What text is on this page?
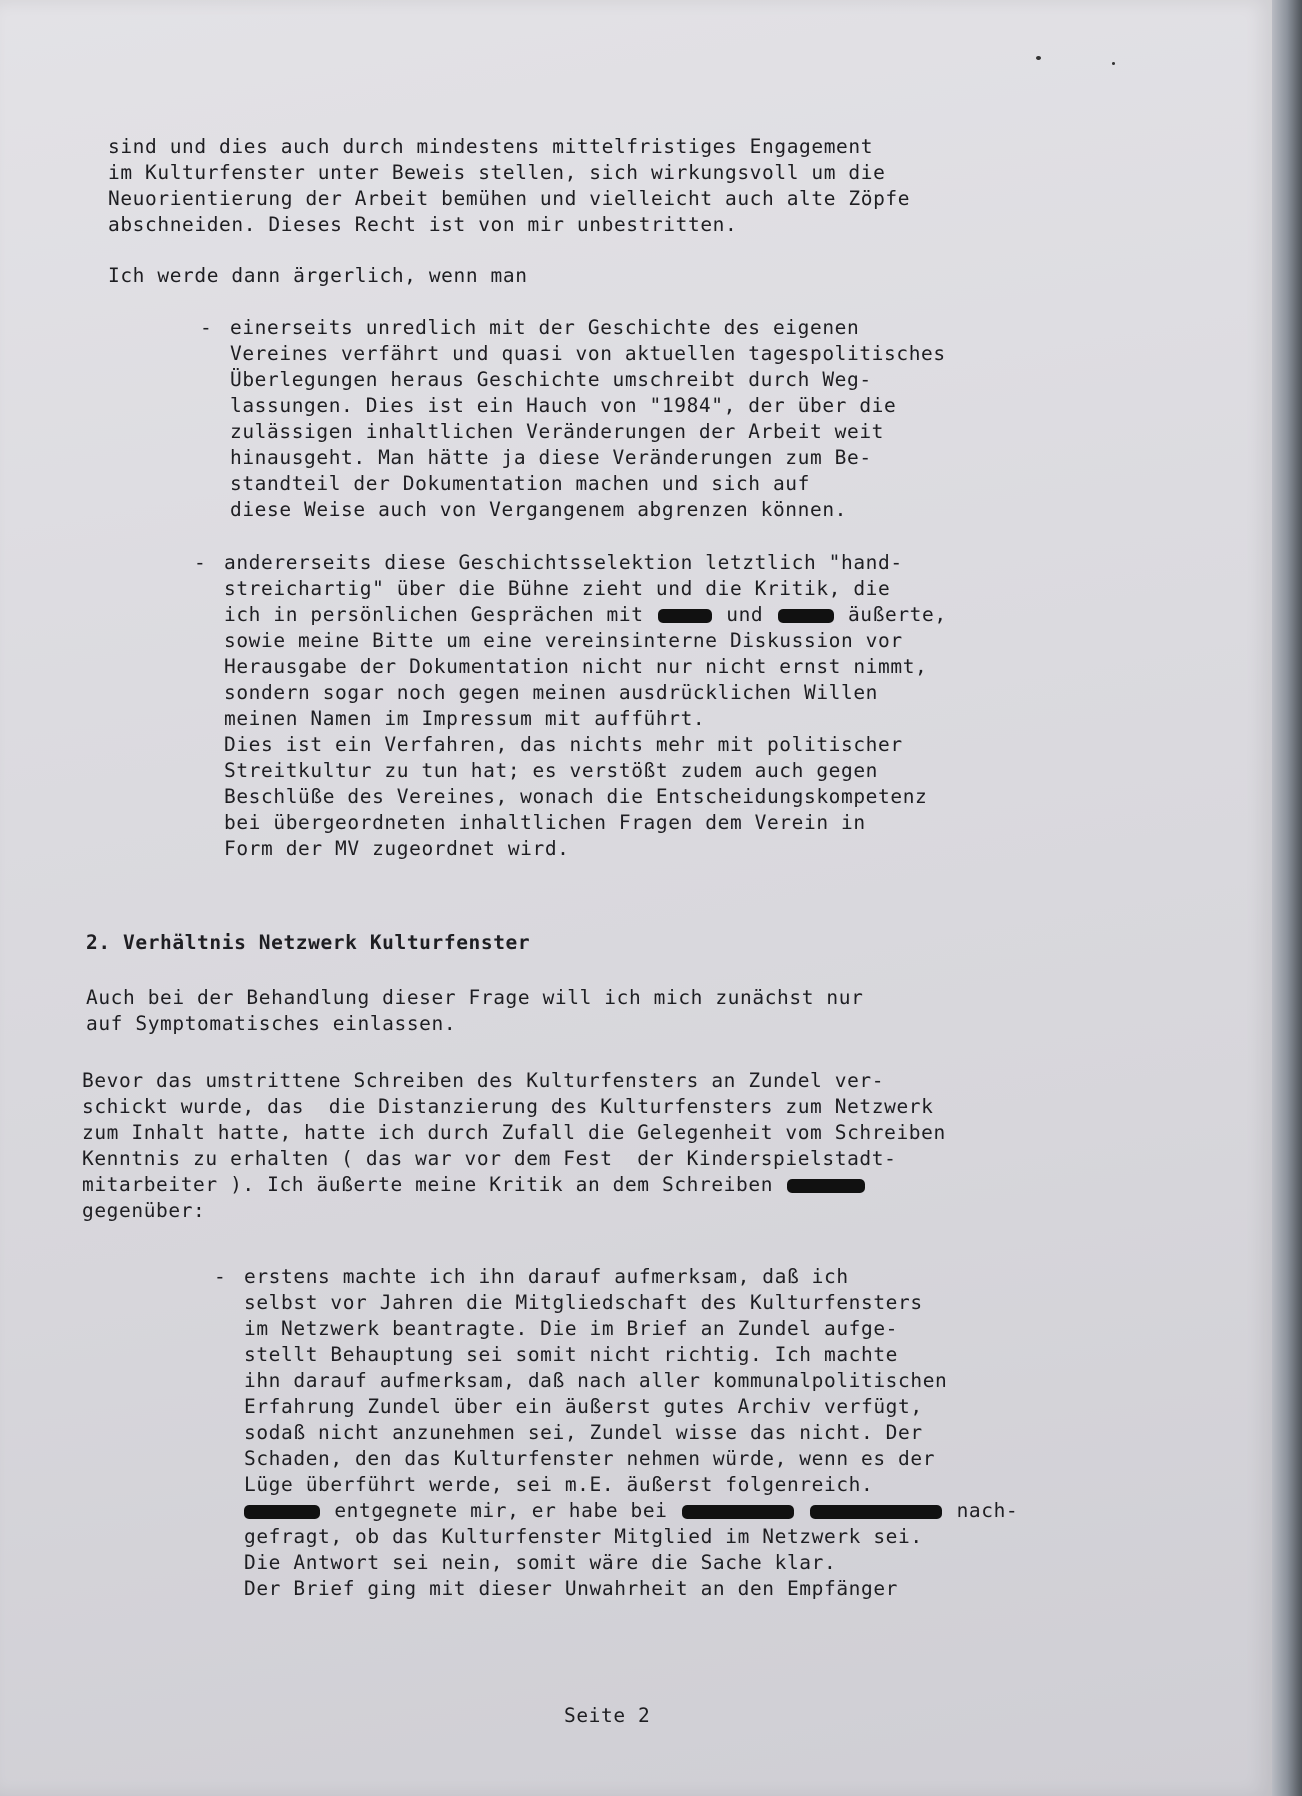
sind und dies auch durch mindestens mittelfristiges Engagement
im Kulturfenster unter Beweis stellen, sich wirkungsvoll um die
Neuorientierung der Arbeit bemühen und vielleicht auch alte Zöpfe
abschneiden. Dieses Recht ist von mir unbestritten.
Ich werde dann ärgerlich, wenn man
- einerseits unredlich mit der Geschichte des eigenen
Vereines verfährt und quasi von aktuellen tagespolitisches
Überlegungen heraus Geschichte umschreibt durch Weg-
lassungen. Dies ist ein Hauch von "1984", der über die
zulässigen inhaltlichen Veränderungen der Arbeit weit
hinausgeht. Man hätte ja diese Veränderungen zum Be-
standteil der Dokumentation machen und sich auf
diese Weise auch von Vergangenem abgrenzen können.
- andererseits diese Geschichtsselektion letztlich "hand-
streichartig" über die Bühne zieht und die Kritik, die
ich in persönlichen Gesprächen mit	und	äußerte,
sowie meine Bitte um eine vereinsinterne Diskussion vor
Herausgabe der Dokumentation nicht nur nicht ernst nimmt,
sondern sogar noch gegen meinen ausdrücklichen Willen
meinen Namen im Impressum mit aufführt.
Dies ist ein Verfahren, das nichts mehr mit politischer
Streitkultur zu tun hat; es verstößt zudem auch gegen
Beschlüße des Vereines, wonach die Entscheidungskompetenz
bei übergeordneten inhaltlichen Fragen dem Verein in
Form der MV zugeordnet wird.
2. Verhältnis Netzwerk Kulturfenster
Auch bei der Behandlung dieser Frage will ich mich zunächst nur
auf Symptomatisches einlassen.
Bevor das umstrittene Schreiben des Kulturfensters an Zundel ver-
schickt wurde, das  die Distanzierung des Kulturfensters zum Netzwerk
zum Inhalt hatte, hatte ich durch Zufall die Gelegenheit vom Schreiben
Kenntnis zu erhalten ( das war vor dem Fest  der Kinderspielstadt-
mitarbeiter ). Ich äußerte meine Kritik an dem Schreiben
gegenüber:
- erstens machte ich ihn darauf aufmerksam, daß ich
selbst vor Jahren die Mitgliedschaft des Kulturfensters
im Netzwerk beantragte. Die im Brief an Zundel aufge-
stellt Behauptung sei somit nicht richtig. Ich machte
ihn darauf aufmerksam, daß nach aller kommunalpolitischen
Erfahrung Zundel über ein äußerst gutes Archiv verfügt,
sodaß nicht anzunehmen sei, Zundel wisse das nicht. Der
Schaden, den das Kulturfenster nehmen würde, wenn es der
Lüge überführt werde, sei m.E. äußerst folgenreich.
entgegnete mir, er habe bei	nach-
gefragt, ob das Kulturfenster Mitglied im Netzwerk sei.
Die Antwort sei nein, somit wäre die Sache klar.
Der Brief ging mit dieser Unwahrheit an den Empfänger
Seite 2
